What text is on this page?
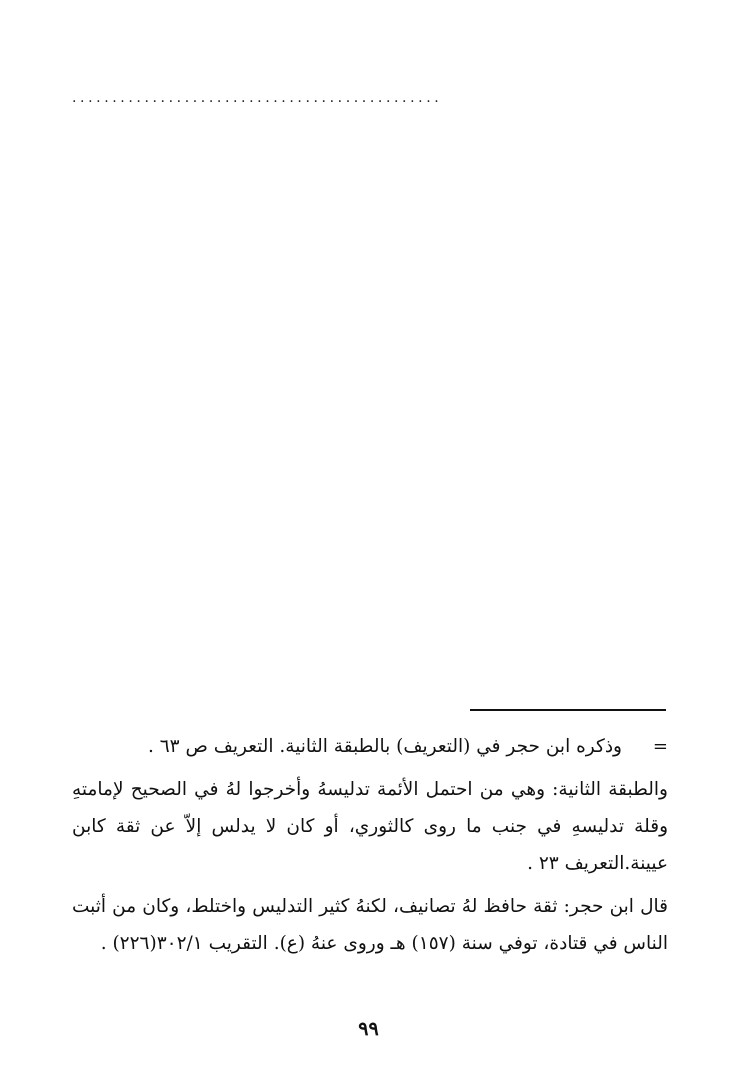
..............................................

=
وذكره ابن حجر في (التعريف) بالطبقة الثانية. التعريف ص ٦٣ .

والطبقة الثانية: وهي من احتمل الأئمة تدليسهُ وأخرجوا لهُ في الصحيح لإمامتهِ وقلة تدليسهِ في جنب ما روى كالثوري، أو كان لا يدلس إلاّ عن ثقة كابن عيينة.التعريف ٢٣ .

قال ابن حجر: ثقة حافظ لهُ تصانيف، لكنهُ كثير التدليس واختلط، وكان من أثبت الناس في قتادة، توفي سنة (١٥٧) هـ وروى عنهُ (ع). التقريب ٣٠٢/١(٢٢٦) .

٩٩
